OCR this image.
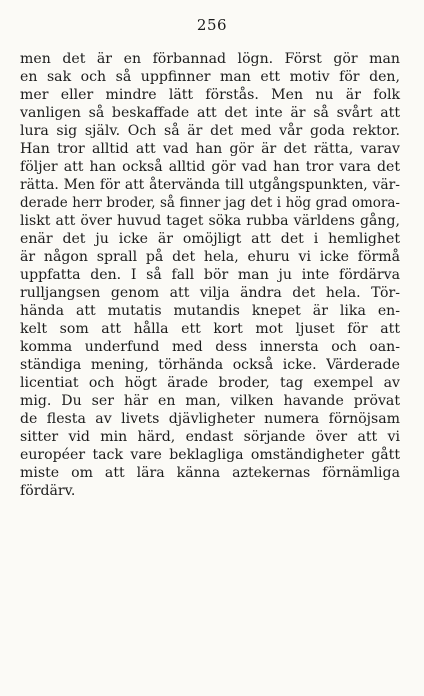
256
men det är en förbannad lögn. Först gör man
en sak och så uppfinner man ett motiv för den,
mer eller mindre lätt förstås. Men nu är folk
vanligen så beskaffade att det inte är så svårt att
lura sig själv. Och så är det med vår goda rektor.
Han tror alltid att vad han gör är det rätta, varav
följer att han också alltid gör vad han tror vara det
rätta. Men för att återvända till utgångspunkten, vär-
derade herr broder, så finner jag det i hög grad omora-
liskt att över huvud taget söka rubba världens gång,
enär det ju icke är omöjligt att det i hemlighet
är någon sprall på det hela, ehuru vi icke förmå
uppfatta den. I så fall bör man ju inte fördärva
rulljangsen genom att vilja ändra det hela. Tör-
hända att mutatis mutandis knepet är lika en-
kelt som att hålla ett kort mot ljuset för att
komma underfund med dess innersta och oan-
ständiga mening, törhända också icke. Värderade
licentiat och högt ärade broder, tag exempel av
mig. Du ser här en man, vilken havande prövat
de flesta av livets djävligheter numera förnöjsam
sitter vid min härd, endast sörjande över att vi
européer tack vare beklagliga omständigheter gått
miste om att lära känna aztekernas förnämliga
fördärv.
